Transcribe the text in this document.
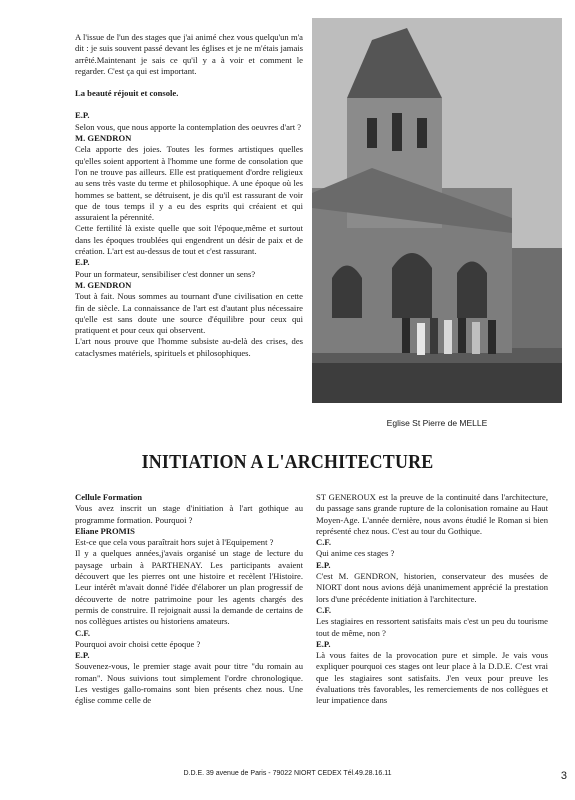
A l'issue de l'un des stages que j'ai animé chez vous quelqu'un m'a dit : je suis souvent passé devant les églises et je ne m'étais jamais arrêté.Maintenant je sais ce qu'il y a à voir et comment le regarder. C'est ça qui est important.

La beauté réjouit et console.

E.P.

Selon vous, que nous apporte la contemplation des oeuvres d'art ?

M. GENDRON

Cela apporte des joies. Toutes les formes artistiques quelles qu'elles soient apportent à l'homme une forme de consolation que l'on ne trouve pas ailleurs. Elle est pratiquement d'ordre religieux au sens très vaste du terme et philosophique. A une époque où les hommes se battent, se détruisent, je dis qu'il est rassurant de voir que de tous temps il y a eu des esprits qui créaient et qui assuraient la pérennité.

Cette fertilité là existe quelle que soit l'époque,même et surtout dans les époques troublées qui engendrent un désir de paix et de création. L'art est au-dessus de tout et c'est rassurant.

E.P.

Pour un formateur, sensibiliser c'est donner un sens?

M. GENDRON

Tout à fait. Nous sommes au tournant d'une civilisation en cette fin de siècle. La connaissance de l'art est d'autant plus nécessaire qu'elle est sans doute une source d'équilibre pour ceux qui pratiquent et pour ceux qui observent.

L'art nous prouve que l'homme subsiste au-delà des crises, des cataclysmes matériels, spirituels et philosophiques.

Eglise St Pierre de MELLE
INITIATION A L'ARCHITECTURE

Cellule Formation

Vous avez inscrit un stage d'initiation à l'art gothique au programme formation. Pourquoi ?

Eliane PROMIS

Est-ce que cela vous paraîtrait hors sujet à l'Equipement ?

Il y a quelques années,j'avais organisé un stage de lecture du paysage urbain à PARTHENAY. Les participants avaient découvert que les pierres ont une histoire et recèlent l'Histoire. Leur intérêt m'avait donné l'idée d'élaborer un plan progressif de découverte de notre patrimoine pour les agents chargés des permis de construire. Il rejoignait aussi la demande de certains de nos collègues artistes ou historiens amateurs.

C.F.

Pourquoi avoir choisi cette époque ?

E.P.

Souvenez-vous, le premier stage avait pour titre "du romain au roman". Nous suivions tout simplement l'ordre chronologique. Les vestiges gallo-romains sont bien présents chez nous. Une église comme celle de

ST GENEROUX est la preuve de la continuité dans l'architecture, du passage sans grande rupture de la colonisation romaine au Haut Moyen-Age. L'année dernière, nous avons étudié le Roman si bien représenté chez nous. C'est au tour du Gothique.

C.F.

Qui anime ces stages ?

E.P.

C'est M. GENDRON, historien, conservateur des musées de NIORT dont nous avions déjà unanimement apprécié la prestation lors d'une précédente initiation à l'architecture.

C.F.

Les stagiaires en ressortent satisfaits mais c'est un peu du tourisme tout de même, non ?

E.P.

Là vous faites de la provocation pure et simple. Je vais vous expliquer pourquoi ces stages ont leur place à la D.D.E. C'est vrai que les stagiaires sont satisfaits. J'en veux pour preuve les évaluations très favorables, les remerciements de nos collègues et leur impatience dans

D.D.E. 39 avenue de Paris - 79022 NIORT CEDEX Tél.49.28.16.11	3
